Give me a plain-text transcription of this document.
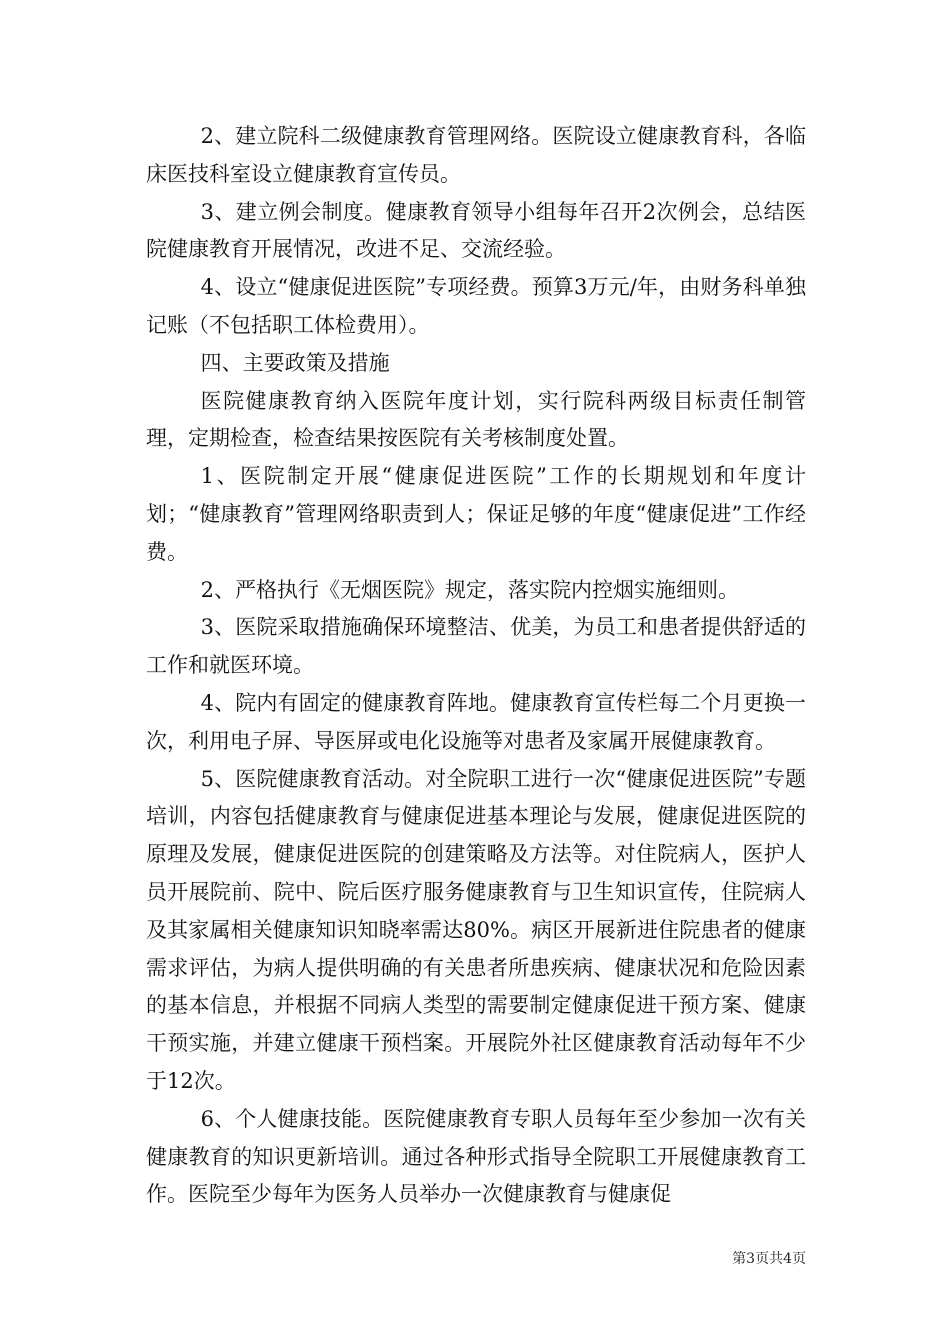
2、建立院科二级健康教育管理网络。医院设立健康教育科，各临床医技科室设立健康教育宣传员。

3、建立例会制度。健康教育领导小组每年召开2次例会，总结医院健康教育开展情况，改进不足、交流经验。

4、设立“健康促进医院”专项经费。预算3万元/年，由财务科单独记账（不包括职工体检费用）。

四、主要政策及措施

医院健康教育纳入医院年度计划，实行院科两级目标责任制管理，定期检查，检查结果按医院有关考核制度处置。

1、医院制定开展“健康促进医院”工作的长期规划和年度计划；“健康教育”管理网络职责到人；保证足够的年度“健康促进”工作经费。

2、严格执行《无烟医院》规定，落实院内控烟实施细则。

3、医院采取措施确保环境整洁、优美，为员工和患者提供舒适的工作和就医环境。

4、院内有固定的健康教育阵地。健康教育宣传栏每二个月更换一次，利用电子屏、导医屏或电化设施等对患者及家属开展健康教育。

5、医院健康教育活动。对全院职工进行一次“健康促进医院”专题培训，内容包括健康教育与健康促进基本理论与发展，健康促进医院的原理及发展，健康促进医院的创建策略及方法等。对住院病人，医护人员开展院前、院中、院后医疗服务健康教育与卫生知识宣传，住院病人及其家属相关健康知识知晓率需达80%。病区开展新进住院患者的健康需求评估，为病人提供明确的有关患者所患疾病、健康状况和危险因素的基本信息，并根据不同病人类型的需要制定健康促进干预方案、健康干预实施，并建立健康干预档案。开展院外社区健康教育活动每年不少于12次。

6、个人健康技能。医院健康教育专职人员每年至少参加一次有关健康教育的知识更新培训。通过各种形式指导全院职工开展健康教育工作。医院至少每年为医务人员举办一次健康教育与健康促

第3页共4页
